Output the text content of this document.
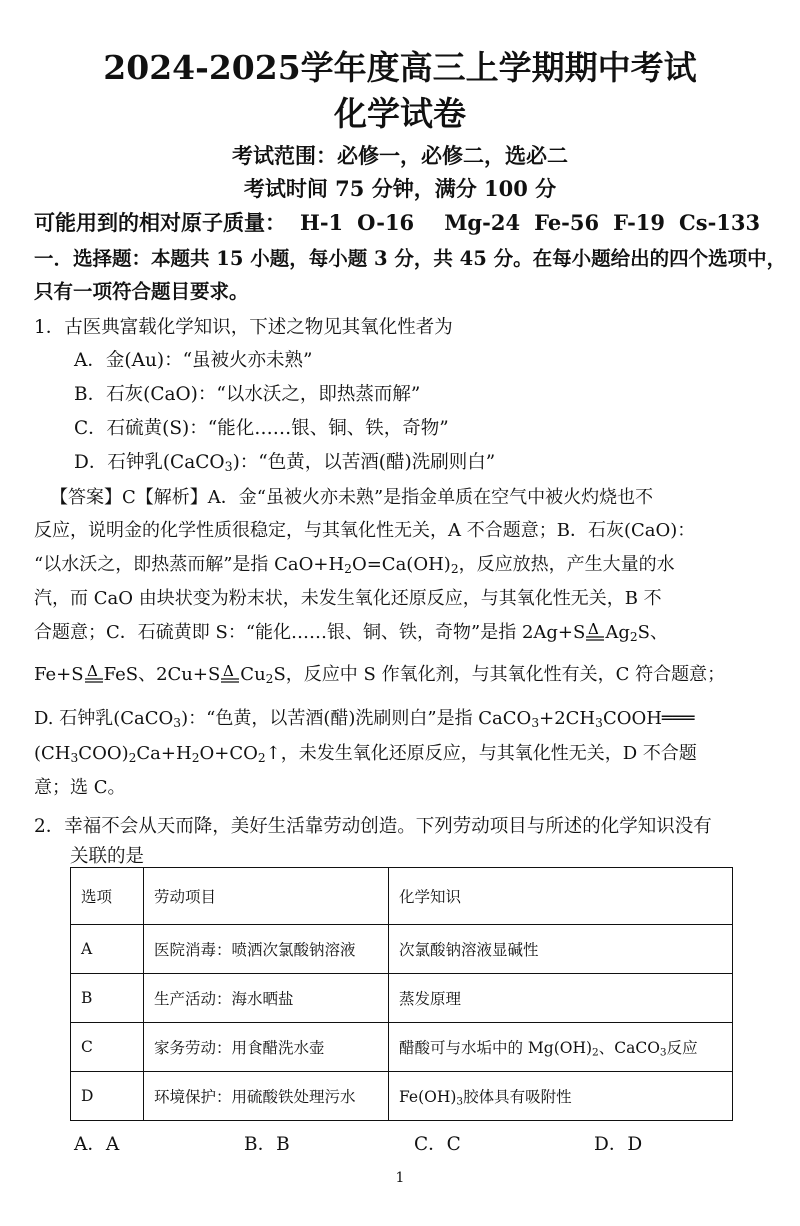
2024-2025学年度高三上学期期中考试
化学试卷
考试范围：必修一，必修二，选必二
考试时间 75 分钟，满分 100 分
可能用到的相对原子质量： H-1 O-16 Mg-24 Fe-56 F-19 Cs-133
一．选择题：本题共 15 小题，每小题 3 分，共 45 分。在每小题给出的四个选项中，
只有一项符合题目要求。
1．古医典富载化学知识，下述之物见其氧化性者为
A．金(Au)：“虽被火亦未熟”
B．石灰(CaO)：“以水沃之，即热蒸而解”
C．石硫黄(S)：“能化……银、铜、铁，奇物”
D．石钟乳(CaCO$_3$)：“色黄，以苦酒(醋)洗刷则白”
【答案】C【解析】A．金“虽被火亦未熟”是指金单质在空气中被火灼烧也不
反应，说明金的化学性质很稳定，与其氧化性无关，A 不合题意；B．石灰(CaO)：
“以水沃之，即热蒸而解”是指 $CaO+H_2O=Ca(OH)_2$，反应放热，产生大量的水
汽，而 CaO 由块状变为粉末状，未发生氧化还原反应，与其氧化性无关，B 不
合题意；C．石硫黄即 S：“能化……银、铜、铁，奇物”是指 2Ag+S Δ $Ag_2S$、
Fe+S Δ FeS、2Cu+S Δ $Cu_2S$，反应中 S 作氧化剂，与其氧化性有关，C 符合题意；
D. 石钟乳(CaCO$_3$)：“色黄，以苦酒(醋)洗刷则白”是指 $CaCO_3+2CH_3COOH═══$
$(CH_3COO)_2Ca+H_2O+CO_2↑$，未发生氧化还原反应，与其氧化性无关，D 不合题
意；选 C。
2．幸福不会从天而降，美好生活靠劳动创造。下列劳动项目与所述的化学知识没有
关联的是
选项	劳动项目	化学知识
A	医院消毒：喷洒次氯酸钠溶液	次氯酸钠溶液显碱性
B	生产活动：海水晒盐	蒸发原理
C	家务劳动：用食醋洗水壶	醋酸可与水垢中的 $Mg(OH)_2$、CaCO$_3$反应
D	环境保护：用硫酸铁处理污水	$Fe(OH)_3$胶体具有吸附性
A．A	B．B	C．C	D．D
1
